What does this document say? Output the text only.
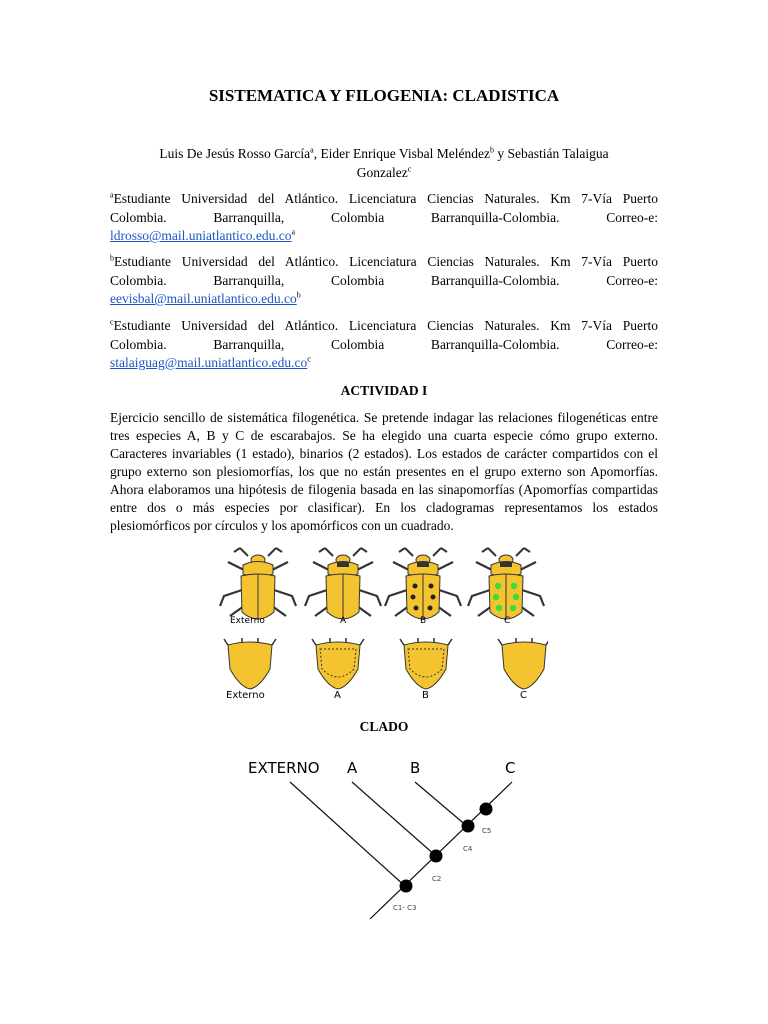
SISTEMATICA Y FILOGENIA: CLADISTICA
Luis De Jesús Rosso García$^a$, Eider Enrique Visbal Meléndez$^b$ y Sebastián Talaigua
Gonzalez$^c$
$^a$Estudiante Universidad del Atlántico. Licenciatura Ciencias Naturales. Km 7-Vía Puerto
Colombia. Barranquilla, Colombia Barranquilla-Colombia. Correo-e:
$ldrosso@mail.uniatlantico.edu.co^a$
$^b$Estudiante Universidad del Atlántico. Licenciatura Ciencias Naturales. Km 7-Vía Puerto
Colombia. Barranquilla, Colombia Barranquilla-Colombia. Correo-e:
$eevisbal@mail.uniatlantico.edu.co^b$
$^c$Estudiante Universidad del Atlántico. Licenciatura Ciencias Naturales. Km 7-Vía Puerto
Colombia. Barranquilla, Colombia Barranquilla-Colombia. Correo-e:
$stalaiguag@mail.uniatlantico.edu.co^c$
ACTIVIDAD I
Ejercicio sencillo de sistemática filogenética. Se pretende indagar las relaciones filogenéticas entre tres especies A, B y C de escarabajos. Se ha elegido una cuarta especie cómo grupo externo. Caracteres invariables (1 estado), binarios (2 estados). Los estados de carácter compartidos con el grupo externo son plesiomorfías, los que no están presentes en el grupo externo son Apomorfías. Ahora elaboramos una hipótesis de filogenia basada en las sinapomorfías (Apomorfías compartidas entre dos o más especies por clasificar). En los cladogramas representamos los estados plesiomórficos por círculos y los apomórficos con un cuadrado.
CLADO
Externo	A	B	C
Externo	A	B	C
EXTERNO A	B	C
C1- C3
C2
C4
C5
